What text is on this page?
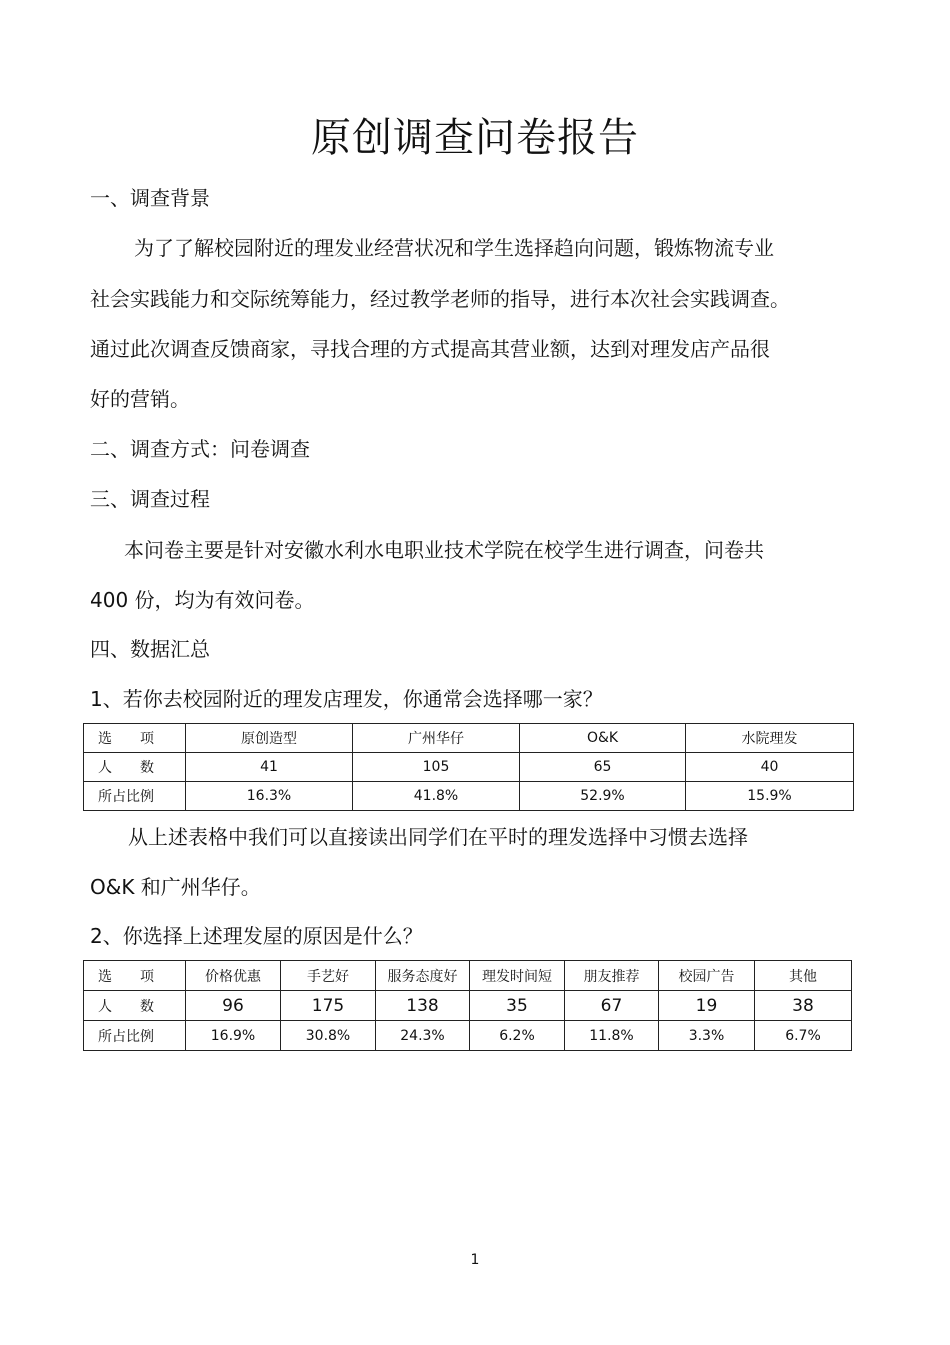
原创调查问卷报告
一、调查背景
为了了解校园附近的理发业经营状况和学生选择趋向问题，锻炼物流专业
社会实践能力和交际统筹能力，经过教学老师的指导，进行本次社会实践调查。
通过此次调查反馈商家，寻找合理的方式提高其营业额，达到对理发店产品很
好的营销。
二、调查方式：问卷调查
三、调查过程
本问卷主要是针对安徽水利水电职业技术学院在校学生进行调查，问卷共
400 份，均为有效问卷。
四、数据汇总
1、若你去校园附近的理发店理发，你通常会选择哪一家？
选　　项	原创造型	广州华仔	O&K	水院理发
人　　数	41	105	65	40
所占比例	16.3%	41.8%	52.9%	15.9%
从上述表格中我们可以直接读出同学们在平时的理发选择中习惯去选择
O&K 和广州华仔。
2、你选择上述理发屋的原因是什么？
选　　项	价格优惠	手艺好	服务态度好	理发时间短	朋友推荐	校园广告	其他
人　　数	96	175	138	35	67	19	38
所占比例	16.9%	30.8%	24.3%	6.2%	11.8%	3.3%	6.7%
1
